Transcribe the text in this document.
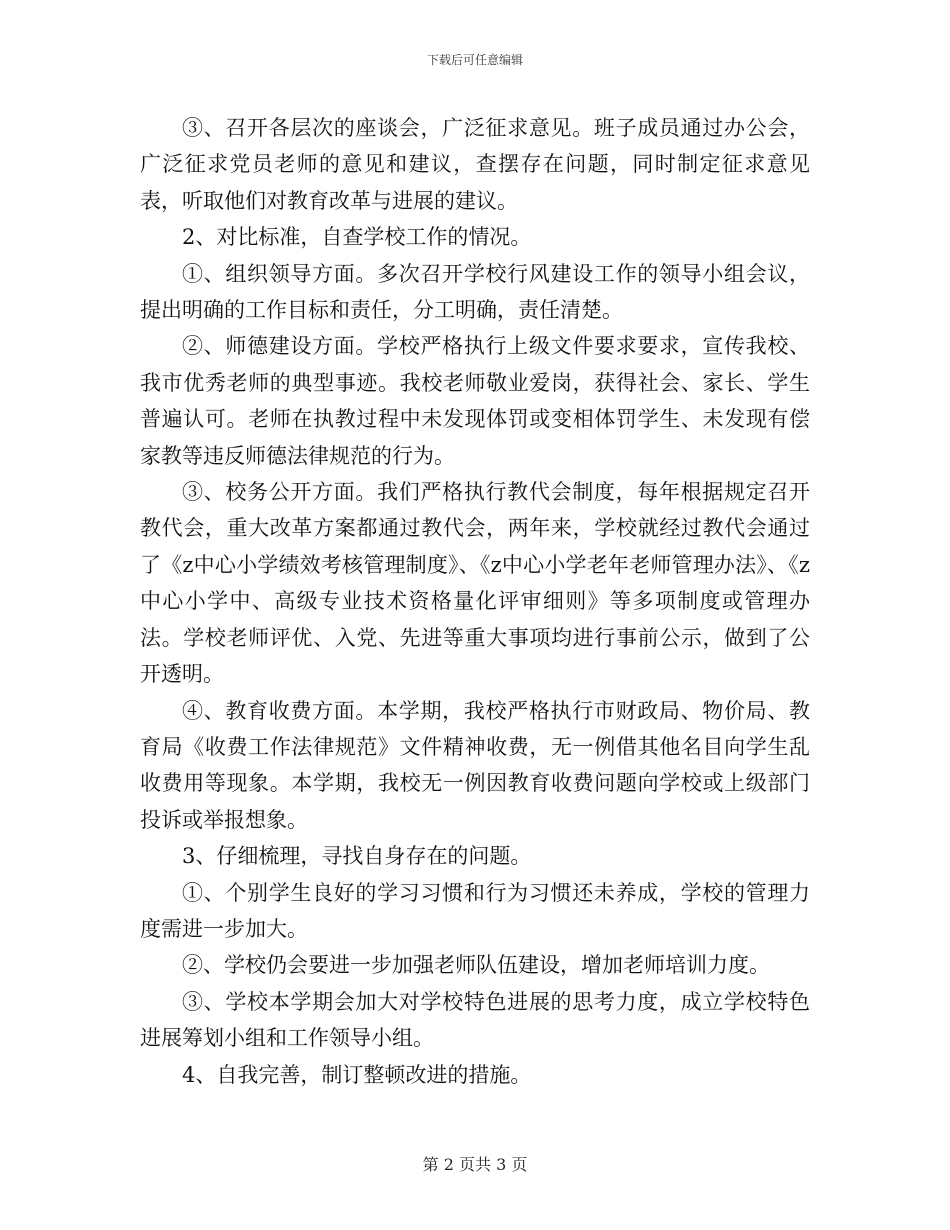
下载后可任意编辑

③、召开各层次的座谈会，广泛征求意见。班子成员通过办公会，广泛征求党员老师的意见和建议，查摆存在问题，同时制定征求意见表，听取他们对教育改革与进展的建议。

2、对比标准，自查学校工作的情况。

①、组织领导方面。多次召开学校行风建设工作的领导小组会议，提出明确的工作目标和责任，分工明确，责任清楚。

②、师德建设方面。学校严格执行上级文件要求要求，宣传我校、我市优秀老师的典型事迹。我校老师敬业爱岗，获得社会、家长、学生普遍认可。老师在执教过程中未发现体罚或变相体罚学生、未发现有偿家教等违反师德法律规范的行为。

③、校务公开方面。我们严格执行教代会制度，每年根据规定召开教代会，重大改革方案都通过教代会，两年来，学校就经过教代会通过了《z中心小学绩效考核管理制度》、《z中心小学老年老师管理办法》、《z中心小学中、高级专业技术资格量化评审细则》等多项制度或管理办法。学校老师评优、入党、先进等重大事项均进行事前公示，做到了公开透明。

④、教育收费方面。本学期，我校严格执行市财政局、物价局、教育局《收费工作法律规范》文件精神收费，无一例借其他名目向学生乱收费用等现象。本学期，我校无一例因教育收费问题向学校或上级部门投诉或举报想象。

3、仔细梳理，寻找自身存在的问题。

①、个别学生良好的学习习惯和行为习惯还未养成，学校的管理力度需进一步加大。

②、学校仍会要进一步加强老师队伍建设，增加老师培训力度。

③、学校本学期会加大对学校特色进展的思考力度，成立学校特色进展筹划小组和工作领导小组。

4、自我完善，制订整顿改进的措施。

第 2 页共 3 页
